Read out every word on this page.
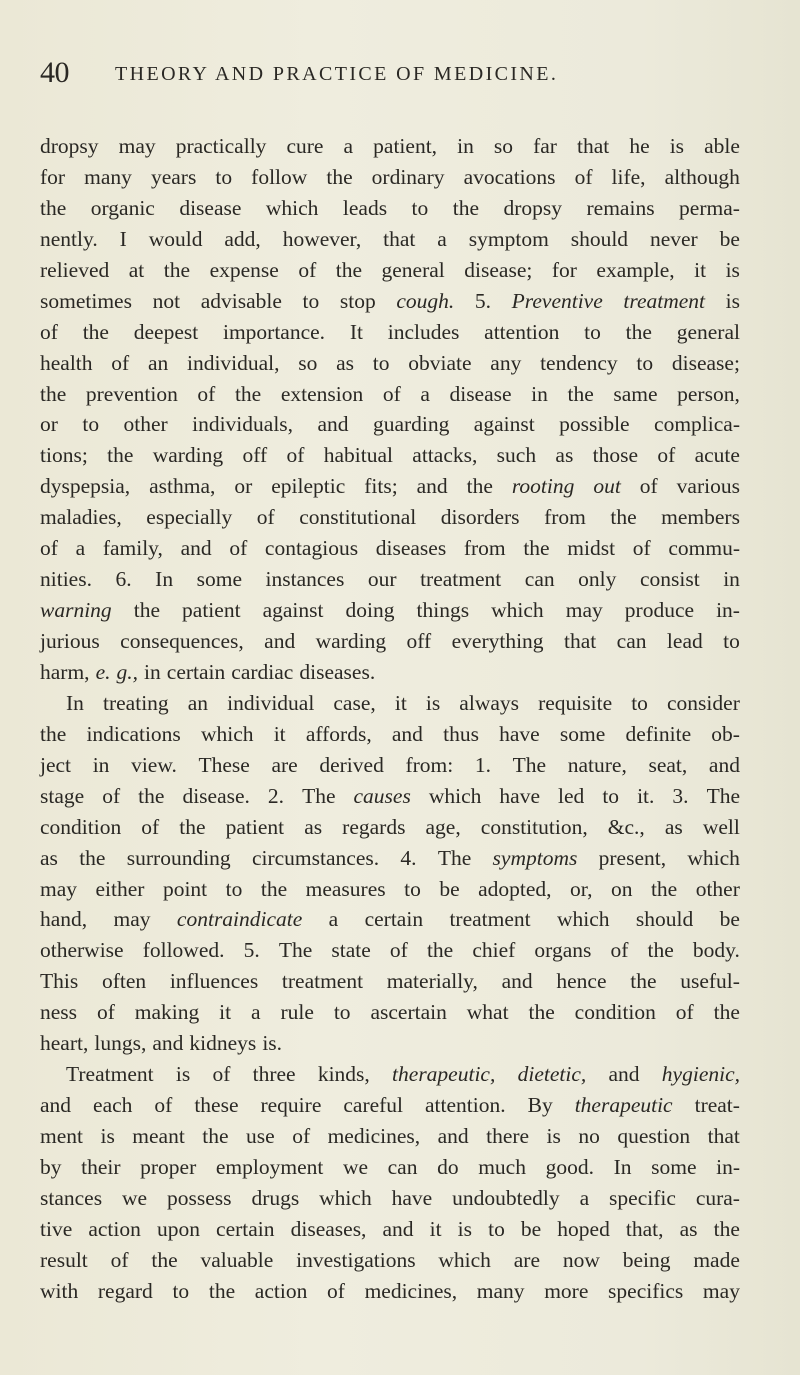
40 THEORY AND PRACTICE OF MEDICINE.
dropsy may practically cure a patient, in so far that he is able
for many years to follow the ordinary avocations of life, although
the organic disease which leads to the dropsy remains perma-
nently. I would add, however, that a symptom should never be
relieved at the expense of the general disease; for example, it is
sometimes not advisable to stop cough. 5. Preventive treatment is
of the deepest importance. It includes attention to the general
health of an individual, so as to obviate any tendency to disease;
the prevention of the extension of a disease in the same person,
or to other individuals, and guarding against possible complica-
tions; the warding off of habitual attacks, such as those of acute
dyspepsia, asthma, or epileptic fits; and the rooting out of various
maladies, especially of constitutional disorders from the members
of a family, and of contagious diseases from the midst of commu-
nities. 6. In some instances our treatment can only consist in
warning the patient against doing things which may produce in-
jurious consequences, and warding off everything that can lead to
harm, e. g., in certain cardiac diseases.
In treating an individual case, it is always requisite to consider
the indications which it affords, and thus have some definite ob-
ject in view. These are derived from: 1. The nature, seat, and
stage of the disease. 2. The causes which have led to it. 3. The
condition of the patient as regards age, constitution, &c., as well
as the surrounding circumstances. 4. The symptoms present, which
may either point to the measures to be adopted, or, on the other
hand, may contraindicate a certain treatment which should be
otherwise followed. 5. The state of the chief organs of the body.
This often influences treatment materially, and hence the useful-
ness of making it a rule to ascertain what the condition of the
heart, lungs, and kidneys is.
Treatment is of three kinds, therapeutic, dietetic, and hygienic,
and each of these require careful attention. By therapeutic treat-
ment is meant the use of medicines, and there is no question that
by their proper employment we can do much good. In some in-
stances we possess drugs which have undoubtedly a specific cura-
tive action upon certain diseases, and it is to be hoped that, as the
result of the valuable investigations which are now being made
with regard to the action of medicines, many more specifics may
